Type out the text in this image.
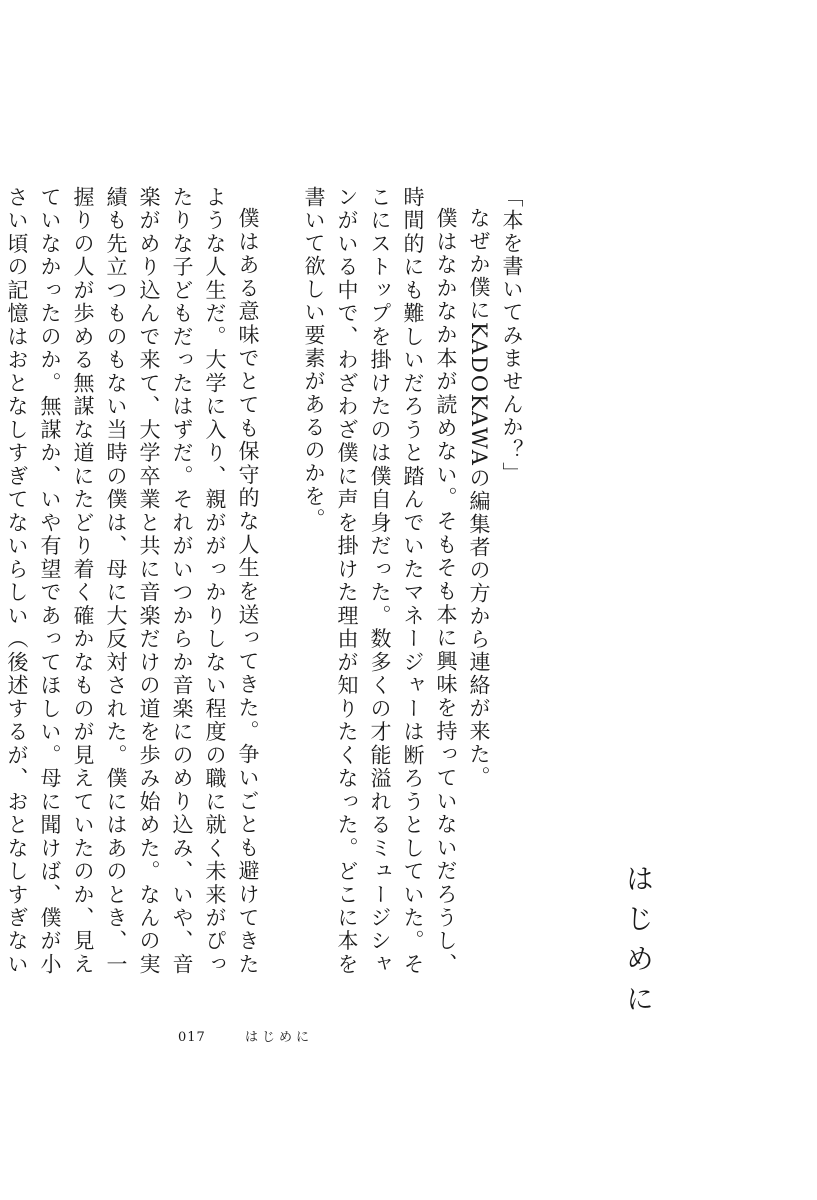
はじめに

「本を書いてみませんか？」

なぜか僕にKADOKAWAの編集者の方から連絡が来た。

僕はなかなか本が読めない。そもそも本に興味を持っていないだろうし、時間的にも難しいだろうと踏んでいたマネージャーは断ろうとしていた。そこにストップを掛けたのは僕自身だった。数多くの才能溢れるミュージシャンがいる中で、わざわざ僕に声を掛けた理由が知りたくなった。どこに本を書いて欲しい要素があるのかを。

僕はある意味でとても保守的な人生を送ってきた。争いごとも避けてきたような人生だ。大学に入り、親ががっかりしない程度の職に就く未来がぴったりな子どもだったはずだ。それがいつからか音楽にのめり込み、いや、音楽がめり込んで来て、大学卒業と共に音楽だけの道を歩み始めた。なんの実績も先立つものもない当時の僕は、母に大反対された。僕にはあのとき、一握りの人が歩める無謀な道にたどり着く確かなものが見えていたのか、見えていなかったのか。無謀か、いや有望であってほしい。母に聞けば、僕が小さい頃の記憶はおとなしすぎてないらしい（後述するが、おとなしすぎない

017	はじめに
